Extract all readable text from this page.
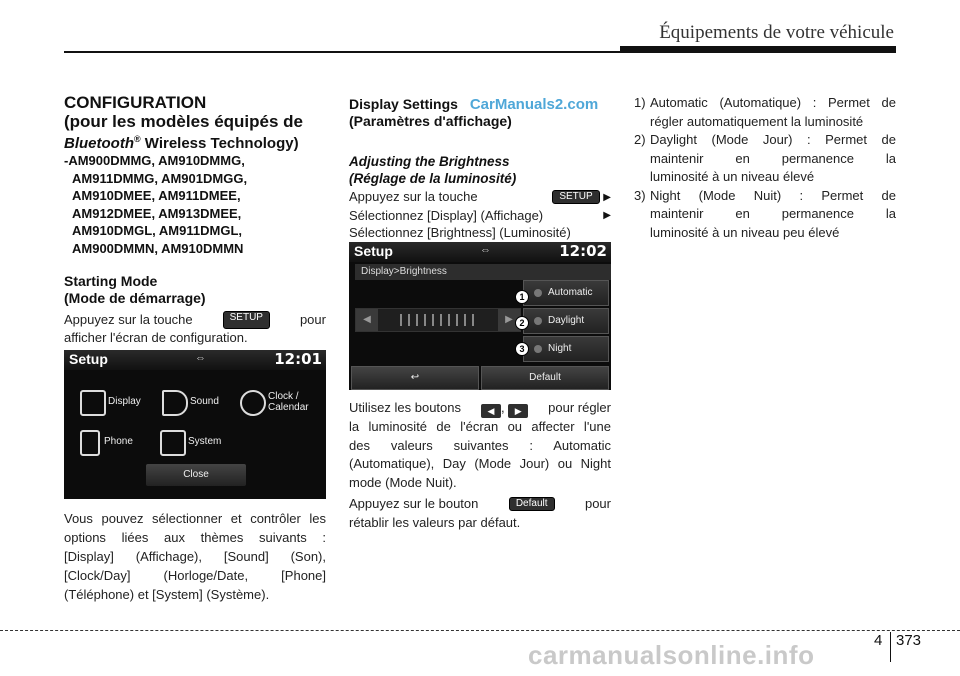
Équipements de votre véhicule
CONFIGURATION
(pour les modèles équipés de
Bluetooth® Wireless Technology)
-AM900DMMG, AM910DMMG,
AM911DMMG, AM901DMGG,
AM910DMEE, AM911DMEE,
AM912DMEE, AM913DMEE,
AM910DMGL, AM911DMGL,
AM900DMMN, AM910DMMN
Starting Mode
(Mode de démarrage)
Appuyez sur la touche	SETUP	pour
afficher l'écran de configuration.
Setup	⇔	12:01
Display	Sound	Clock /
Calendar
Phone	System
Close
Vous pouvez sélectionner et contrôler les
options liées aux thèmes suivants :
[Display] (Affichage), [Sound] (Son),
[Clock/Day] (Horloge/Date, [Phone]
(Téléphone) et [System] (Système).
Display Settings CarManuals2.com
(Paramètres d'affichage)
Adjusting the Brightness
(Réglage de la luminosité)
Appuyez sur la touche	SETUP ▶
Sélectionnez [Display] (Affichage)	▶
Sélectionnez [Brightness] (Luminosité)
Setup	⇔	12:02
Display>Brightness
◀	▶
Automatic
Daylight
Night
1
2
3
↩	Default
Utilisez les boutons	◀ , ▶	pour régler
la luminosité de l'écran ou affecter l'une
des valeurs suivantes : Automatic
(Automatique), Day (Mode Jour) ou Night
mode (Mode Nuit).
Appuyez sur le bouton	Default	pour
rétablir les valeurs par défaut.
1) Automatic (Automatique) : Permet de
régler automatiquement la luminosité
2) Daylight (Mode Jour) : Permet de
maintenir en permanence la
luminosité à un niveau élevé
3) Night (Mode Nuit) : Permet de
maintenir en permanence la
luminosité à un niveau peu élevé
4 373
carmanualsonline.info
